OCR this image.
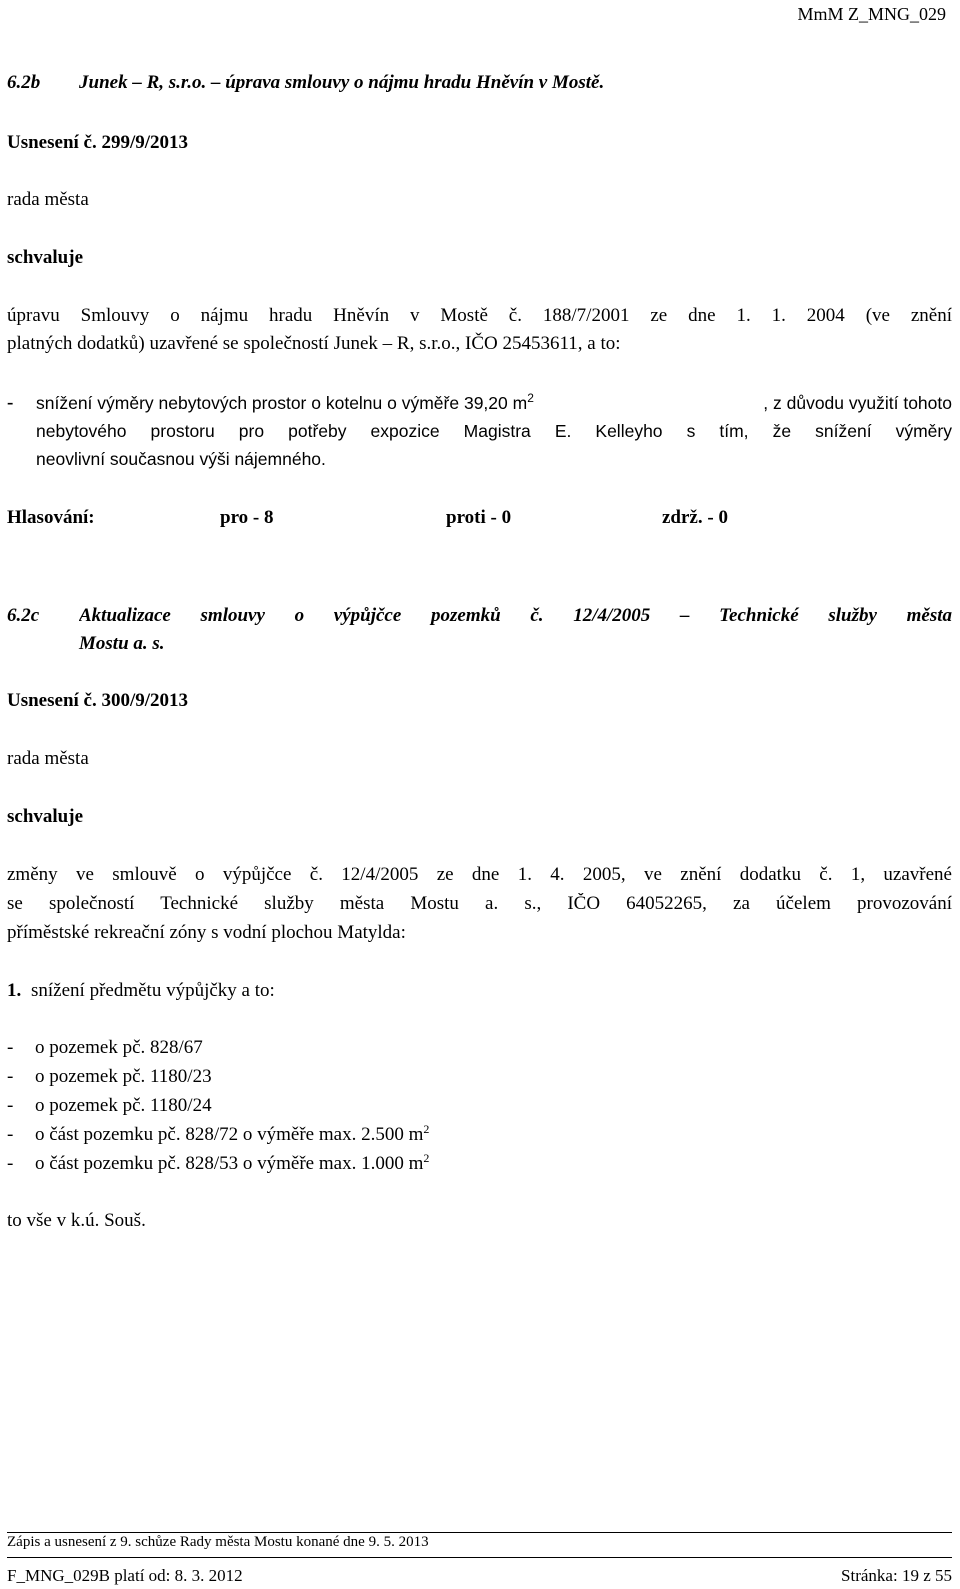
MmM Z_MNG_029
6.2b Junek – R, s.r.o. – úprava smlouvy o nájmu hradu Hněvín v Mostě.
Usnesení č. 299/9/2013
rada města
schvaluje
úpravu Smlouvy o nájmu hradu Hněvín v Mostě č. 188/7/2001 ze dne 1. 1. 2004 (ve znění
platných dodatků) uzavřené se společností Junek – R, s.r.o., IČO 25453611, a to:
- snížení výměry nebytových prostor o kotelnu o výměře 39,20 $m^2$	, z důvodu využití tohoto
nebytového prostoru pro potřeby expozice Magistra E. Kelleyho s tím, že snížení výměry
neovlivní současnou výši nájemného.
Hlasování:	pro - 8	proti - 0	zdrž. - 0
6.2c Aktualizace smlouvy o výpůjčce pozemků č. 12/4/2005 – Technické služby města
Mostu a. s.
Usnesení č. 300/9/2013
rada města
schvaluje
změny ve smlouvě o výpůjčce č. 12/4/2005 ze dne 1. 4. 2005, ve znění dodatku č. 1, uzavřené
se společností Technické služby města Mostu a. s., IČO 64052265, za účelem provozování
příměstské rekreační zóny s vodní plochou Matylda:
1. snížení předmětu výpůjčky a to:
- o pozemek pč. 828/67
- o pozemek pč. 1180/23
- o pozemek pč. 1180/24
- o část pozemku pč. 828/72 o výměře max. 2.500 $m^2$
- o část pozemku pč. 828/53 o výměře max. 1.000 $m^2$
to vše v k.ú. Souš.
Zápis a usnesení z 9. schůze Rady města Mostu konané dne 9. 5. 2013
F_MNG_029B platí od: 8. 3. 2012	Stránka: 19 z 55
